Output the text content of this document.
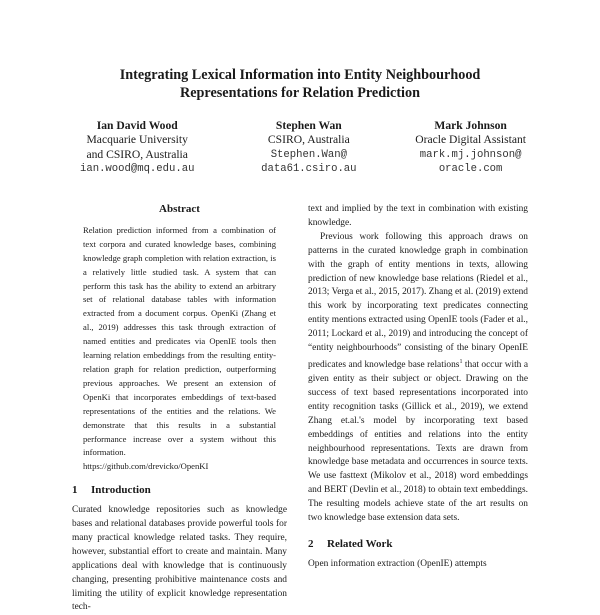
Integrating Lexical Information into Entity Neighbourhood
Representations for Relation Prediction
Ian David Wood
Macquarie University
and CSIRO, Australia
ian.wood@mq.edu.au
Stephen Wan
CSIRO, Australia
Stephen.Wan@
data61.csiro.au
Mark Johnson
Oracle Digital Assistant
mark.mj.johnson@
oracle.com
Abstract

Relation prediction informed from a combination of text corpora and curated knowledge bases, combining knowledge graph completion with relation extraction, is a relatively little studied task. A system that can perform this task has the ability to extend an arbitrary set of relational database tables with information extracted from a document corpus. OpenKi (Zhang et al., 2019) addresses this task through extraction of named entities and predicates via OpenIE tools then learning relation embeddings from the resulting entity-relation graph for relation prediction, outperforming previous approaches. We present an extension of OpenKi that incorporates embeddings of text-based representations of the entities and the relations. We demonstrate that this results in a substantial performance increase over a system without this information.

https://github.com/drevicko/OpenKI

1 Introduction

Curated knowledge repositories such as knowledge bases and relational databases provide powerful tools for many practical knowledge related tasks. They require, however, substantial effort to create and maintain. Many applications deal with knowledge that is continuously changing, presenting prohibitive maintenance costs and limiting the utility of explicit knowledge representation tech-

text and implied by the text in combination with existing knowledge.

Previous work following this approach draws on patterns in the curated knowledge graph in combination with the graph of entity mentions in texts, allowing prediction of new knowledge base relations (Riedel et al., 2013; Verga et al., 2015, 2017). Zhang et al. (2019) extend this work by incorporating text predicates connecting entity mentions extracted using OpenIE tools (Fader et al., 2011; Lockard et al., 2019) and introducing the concept of “entity neighbourhoods” consisting of the binary OpenIE predicates and knowledge base relations$^1$ that occur with a given entity as their subject or object. Drawing on the success of text based representations incorporated into entity recognition tasks (Gillick et al., 2019), we extend Zhang et.al.'s model by incorporating text based embeddings of entities and relations into the entity neighbourhood representations. Texts are drawn from knowledge base metadata and occurrences in source texts. We use fasttext (Mikolov et al., 2018) word embeddings and BERT (Devlin et al., 2018) to obtain text embeddings. The resulting models achieve state of the art results on two knowledge base extension data sets.

2 Related Work

Open information extraction (OpenIE) attempts
